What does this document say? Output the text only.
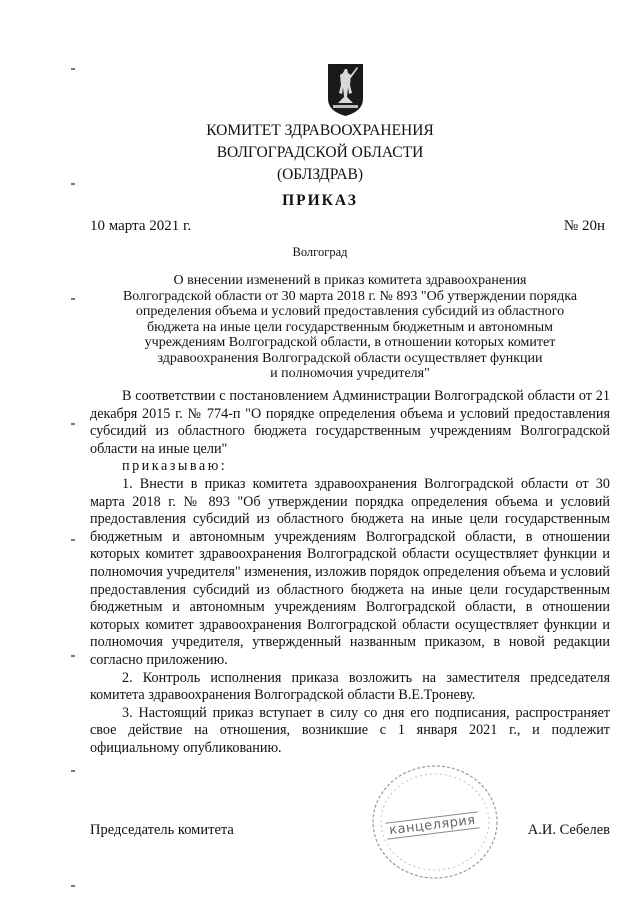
КОМИТЕТ ЗДРАВООХРАНЕНИЯ
ВОЛГОГРАДСКОЙ ОБЛАСТИ
(ОБЛЗДРАВ)
ПРИКАЗ
10 марта 2021 г.	№ 20н
Волгоград
О внесении изменений в приказ комитета здравоохранения
Волгоградской области от 30 марта 2018 г. № 893 "Об утверждении порядка
определения объема и условий предоставления субсидий из областного
бюджета на иные цели государственным бюджетным и автономным
учреждениям Волгоградской области, в отношении которых комитет
здравоохранения Волгоградской области осуществляет функции
и полномочия учредителя"

В соответствии с постановлением Администрации Волгоградской области от 21 декабря 2015 г. № 774-п "О порядке определения объема и условий предоставления субсидий из областного бюджета государственным учреждениям Волгоградской области на иные цели"

приказываю:

1. Внести в приказ комитета здравоохранения Волгоградской области от 30 марта 2018 г. № 893 "Об утверждении порядка определения объема и условий предоставления субсидий из областного бюджета на иные цели государственным бюджетным и автономным учреждениям Волгоградской области, в отношении которых комитет здравоохранения Волгоградской области осуществляет функции и полномочия учредителя" изменения, изложив порядок определения объема и условий предоставления субсидий из областного бюджета на иные цели государственным бюджетным и автономным учреждениям Волгоградской области, в отношении которых комитет здравоохранения Волгоградской области осуществляет функции и полномочия учредителя, утвержденный названным приказом, в новой редакции согласно приложению.

2. Контроль исполнения приказа возложить на заместителя председателя комитета здравоохранения Волгоградской области В.Е.Троневу.

3. Настоящий приказ вступает в силу со дня его подписания, распространяет свое действие на отношения, возникшие с 1 января 2021 г., и подлежит официальному опубликованию.

канцелярия
Председатель комитета	А.И. Себелев
